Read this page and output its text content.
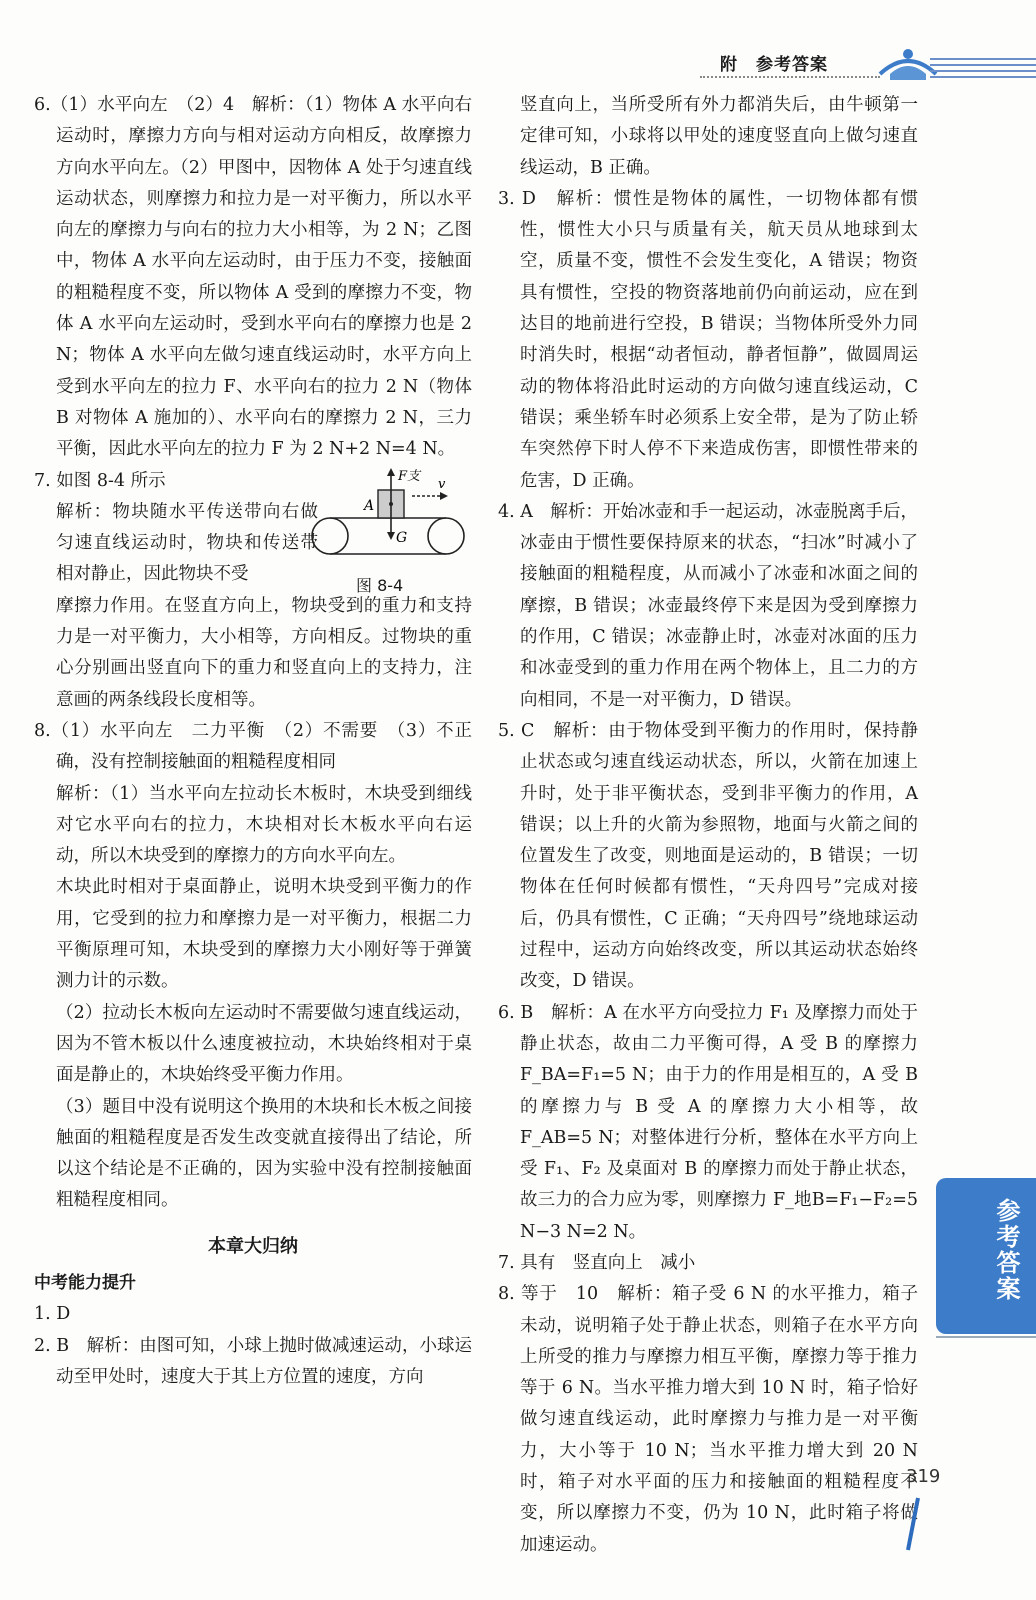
附　参考答案

6.（1）水平向左　（2）4　解析：（1）物体 A 水平向右运动时，摩擦力方向与相对运动方向相反，故摩擦力方向水平向左。（2）甲图中，因物体 A 处于匀速直线运动状态，则摩擦力和拉力是一对平衡力，所以水平向左的摩擦力与向右的拉力大小相等，为 2 N；乙图中，物体 A 水平向左运动时，由于压力不变，接触面的粗糙程度不变，所以物体 A 受到的摩擦力不变，物体 A 水平向左运动时，受到水平向右的摩擦力也是 2 N；物体 A 水平向左做匀速直线运动时，水平方向上受到水平向左的拉力 F、水平向右的拉力 2 N（物体 B 对物体 A 施加的）、水平向右的摩擦力 2 N，三力平衡，因此水平向左的拉力 F 为 2 N+2 N=4 N。

7. 如图 8-4 所示

解析：物块随水平传送带向右做匀速直线运动时，物块和传送带相对静止，因此物块不受

F支
v
A
G
图 8-4

摩擦力作用。在竖直方向上，物块受到的重力和支持力是一对平衡力，大小相等，方向相反。过物块的重心分别画出竖直向下的重力和竖直向上的支持力，注意画的两条线段长度相等。

8.（1）水平向左　二力平衡　（2）不需要　（3）不正确，没有控制接触面的粗糙程度相同

解析：（1）当水平向左拉动长木板时，木块受到细线对它水平向右的拉力，木块相对长木板水平向右运动，所以木块受到的摩擦力的方向水平向左。

木块此时相对于桌面静止，说明木块受到平衡力的作用，它受到的拉力和摩擦力是一对平衡力，根据二力平衡原理可知，木块受到的摩擦力大小刚好等于弹簧测力计的示数。

（2）拉动长木板向左运动时不需要做匀速直线运动，因为不管木板以什么速度被拉动，木块始终相对于桌面是静止的，木块始终受平衡力作用。

（3）题目中没有说明这个换用的木块和长木板之间接触面的粗糙程度是否发生改变就直接得出了结论，所以这个结论是不正确的，因为实验中没有控制接触面粗糙程度相同。

本章大归纳
中考能力提升

1. D

2. B　解析：由图可知，小球上抛时做减速运动，小球运动至甲处时，速度大于其上方位置的速度，方向

竖直向上，当所受所有外力都消失后，由牛顿第一定律可知，小球将以甲处的速度竖直向上做匀速直线运动，B 正确。

3. D　解析：惯性是物体的属性，一切物体都有惯性，惯性大小只与质量有关，航天员从地球到太空，质量不变，惯性不会发生变化，A 错误；物资具有惯性，空投的物资落地前仍向前运动，应在到达目的地前进行空投，B 错误；当物体所受外力同时消失时，根据“动者恒动，静者恒静”，做圆周运动的物体将沿此时运动的方向做匀速直线运动，C 错误；乘坐轿车时必须系上安全带，是为了防止轿车突然停下时人停不下来造成伤害，即惯性带来的危害，D 正确。

4. A　解析：开始冰壶和手一起运动，冰壶脱离手后，冰壶由于惯性要保持原来的状态，“扫冰”时减小了接触面的粗糙程度，从而减小了冰壶和冰面之间的摩擦，B 错误；冰壶最终停下来是因为受到摩擦力的作用，C 错误；冰壶静止时，冰壶对冰面的压力和冰壶受到的重力作用在两个物体上，且二力的方向相同，不是一对平衡力，D 错误。

5. C　解析：由于物体受到平衡力的作用时，保持静止状态或匀速直线运动状态，所以，火箭在加速上升时，处于非平衡状态，受到非平衡力的作用，A 错误；以上升的火箭为参照物，地面与火箭之间的位置发生了改变，则地面是运动的，B 错误；一切物体在任何时候都有惯性，“天舟四号”完成对接后，仍具有惯性，C 正确；“天舟四号”绕地球运动过程中，运动方向始终改变，所以其运动状态始终改变，D 错误。

6. B　解析：A 在水平方向受拉力 F₁ 及摩擦力而处于静止状态，故由二力平衡可得，A 受 B 的摩擦力 F_BA=F₁=5 N；由于力的作用是相互的，A 受 B 的摩擦力与 B 受 A 的摩擦力大小相等，故 F_AB=5 N；对整体进行分析，整体在水平方向上受 F₁、F₂ 及桌面对 B 的摩擦力而处于静止状态，故三力的合力应为零，则摩擦力 F_地B=F₁−F₂=5 N−3 N=2 N。

7. 具有　竖直向上　减小

8. 等于　10　解析：箱子受 6 N 的水平推力，箱子未动，说明箱子处于静止状态，则箱子在水平方向上所受的推力与摩擦力相互平衡，摩擦力等于推力等于 6 N。当水平推力增大到 10 N 时，箱子恰好做匀速直线运动，此时摩擦力与推力是一对平衡力，大小等于 10 N；当水平推力增大到 20 N 时，箱子对水平面的压力和接触面的粗糙程度不变，所以摩擦力不变，仍为 10 N，此时箱子将做加速运动。

参考答案
319
